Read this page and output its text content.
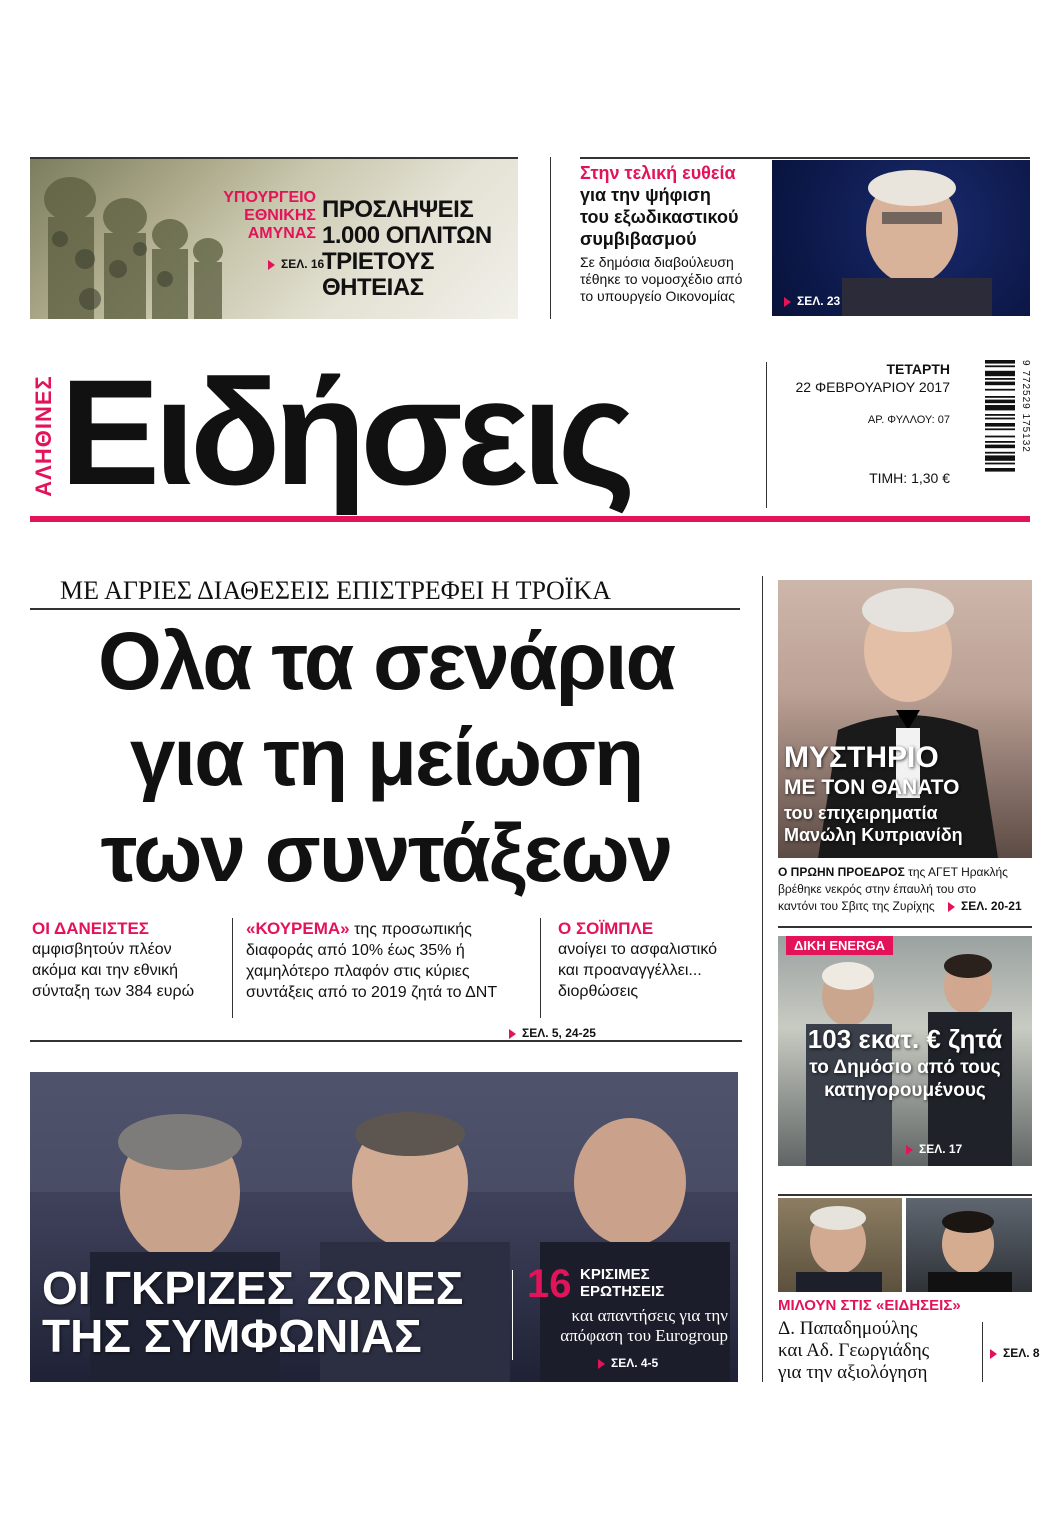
ΥΠΟΥΡΓΕΙΟ
ΕΘΝΙΚΗΣ
ΑΜΥΝΑΣ
ΠΡΟΣΛΗΨΕΙΣ
1.000 ΟΠΛΙΤΩΝ
ΤΡΙΕΤΟΥΣ ΘΗΤΕΙΑΣ
ΣΕΛ. 16
Στην τελική ευθεία
για την ψήφιση
του εξωδικαστικού
συμβιβασμού
Σε δημόσια διαβούλευση
τέθηκε το νομοσχέδιο από
το υπουργείο Οικονομίας	ΣΕΛ. 23
ΑΛΗΘΙΝΕΣ Ειδήσεις	ΤΕΤΑΡΤΗ
22 ΦΕΒΡΟΥΑΡΙΟΥ 2017
ΑΡ. ΦΥΛΛΟΥ: 07
ΤΙΜΗ: 1,30 €
9 772529 175132
ΜΕ ΑΓΡΙΕΣ ΔΙΑΘΕΣΕΙΣ ΕΠΙΣΤΡΕΦΕΙ Η ΤΡΟΪΚΑ
Ολα τα σενάρια
για τη μείωση
των συντάξεων
ΟΙ ΔΑΝΕΙΣΤΕΣ
αμφισβητούν πλέον
ακόμα και την εθνική
σύνταξη των 384 ευρώ
«ΚΟΥΡΕΜΑ» της προσωπικής
διαφοράς από 10% έως 35% ή
χαμηλότερο πλαφόν στις κύριες
συντάξεις από το 2019 ζητά το ΔΝΤ
Ο ΣΟΪΜΠΛΕ
ανοίγει το ασφαλιστικό
και προαναγγέλλει...
διορθώσεις
ΣΕΛ. 5, 24-25
ΟΙ ΓΚΡΙΖΕΣ ΖΩΝΕΣ
ΤΗΣ ΣΥΜΦΩΝΙΑΣ
16 ΚΡΙΣΙΜΕΣ
ΕΡΩΤΗΣΕΙΣ
και απαντήσεις για την
απόφαση του Eurogroup
ΣΕΛ. 4-5
ΜΥΣΤΗΡΙΟ
ΜΕ ΤΟΝ ΘΑΝΑΤΟ
του επιχειρηματία
Μανώλη Κυπριανίδη
Ο ΠΡΩΗΝ ΠΡΟΕΔΡΟΣ της ΑΓΕΤ Ηρακλής
βρέθηκε νεκρός στην έπαυλή του στο
καντόνι του Σβιτς της Ζυρίχης ΣΕΛ. 20-21
ΔΙΚΗ ENERGA
103 εκατ. € ζητά
το Δημόσιο από τους
κατηγορουμένους
ΣΕΛ. 17
ΜΙΛΟΥΝ ΣΤΙΣ «ΕΙΔΗΣΕΙΣ»
Δ. Παπαδημούλης
και Αδ. Γεωργιάδης
για την αξιολόγηση
ΣΕΛ. 8
